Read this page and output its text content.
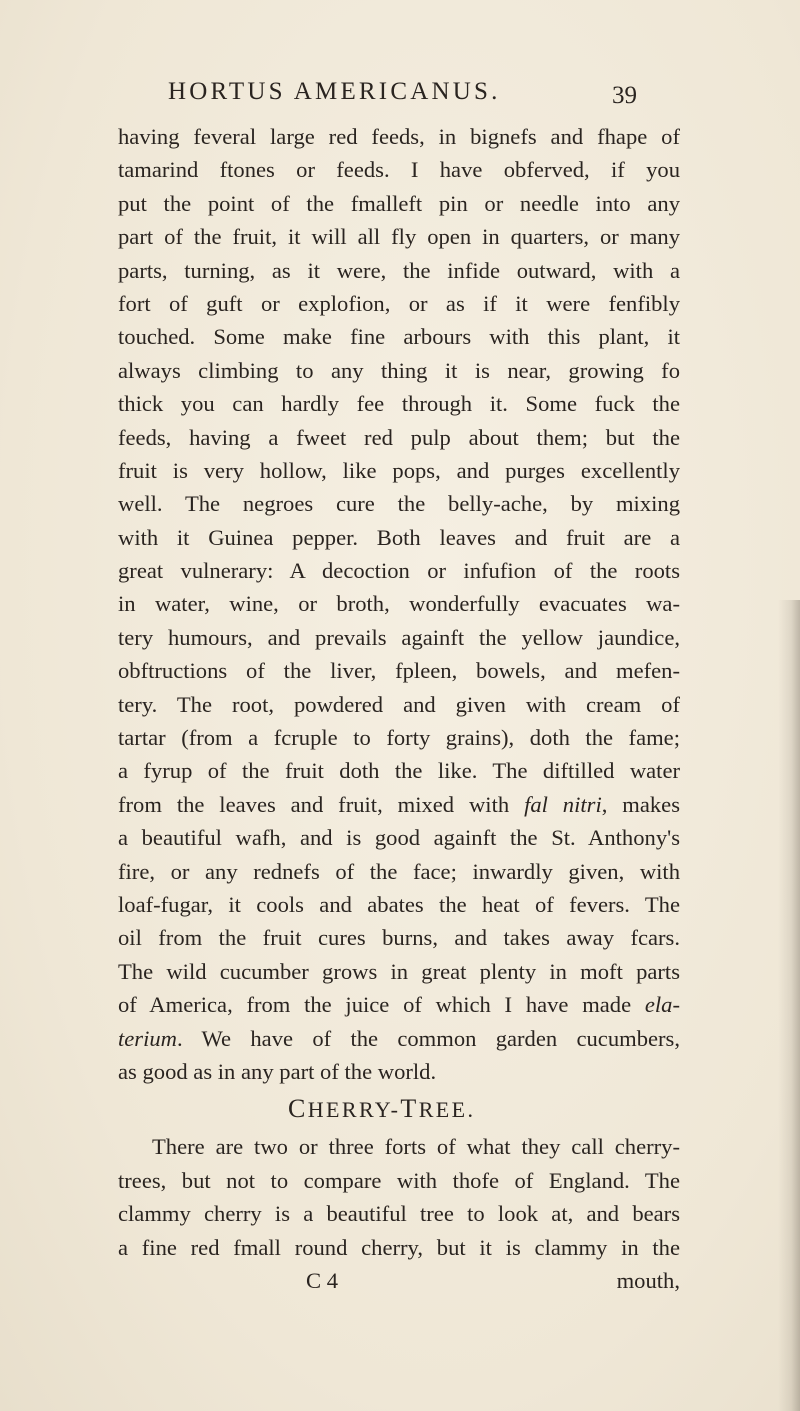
HORTUS AMERICANUS.	39
having feveral large red feeds, in bignefs and fhape of
tamarind ftones or feeds. I have obferved, if you
put the point of the fmalleft pin or needle into any
part of the fruit, it will all fly open in quarters, or many
parts, turning, as it were, the infide outward, with a
fort of guft or explofion, or as if it were fenfibly
touched. Some make fine arbours with this plant, it
always climbing to any thing it is near, growing fo
thick you can hardly fee through it. Some fuck the
feeds, having a fweet red pulp about them; but the
fruit is very hollow, like pops, and purges excellently
well. The negroes cure the belly-ache, by mixing
with it Guinea pepper. Both leaves and fruit are a
great vulnerary: A decoction or infufion of the roots
in water, wine, or broth, wonderfully evacuates wa-
tery humours, and prevails againft the yellow jaundice,
obftructions of the liver, fpleen, bowels, and mefen-
tery. The root, powdered and given with cream of
tartar (from a fcruple to forty grains), doth the fame;
a fyrup of the fruit doth the like. The diftilled water
from the leaves and fruit, mixed with fal nitri, makes
a beautiful wafh, and is good againft the St. Anthony's
fire, or any rednefs of the face; inwardly given, with
loaf-fugar, it cools and abates the heat of fevers. The
oil from the fruit cures burns, and takes away fcars.
The wild cucumber grows in great plenty in moft parts
of America, from the juice of which I have made ela-
terium. We have of the common garden cucumbers,
as good as in any part of the world.
CHERRY-TREE.
There are two or three forts of what they call cherry-
trees, but not to compare with thofe of England. The
clammy cherry is a beautiful tree to look at, and bears
a fine red fmall round cherry, but it is clammy in the
C 4	mouth,
